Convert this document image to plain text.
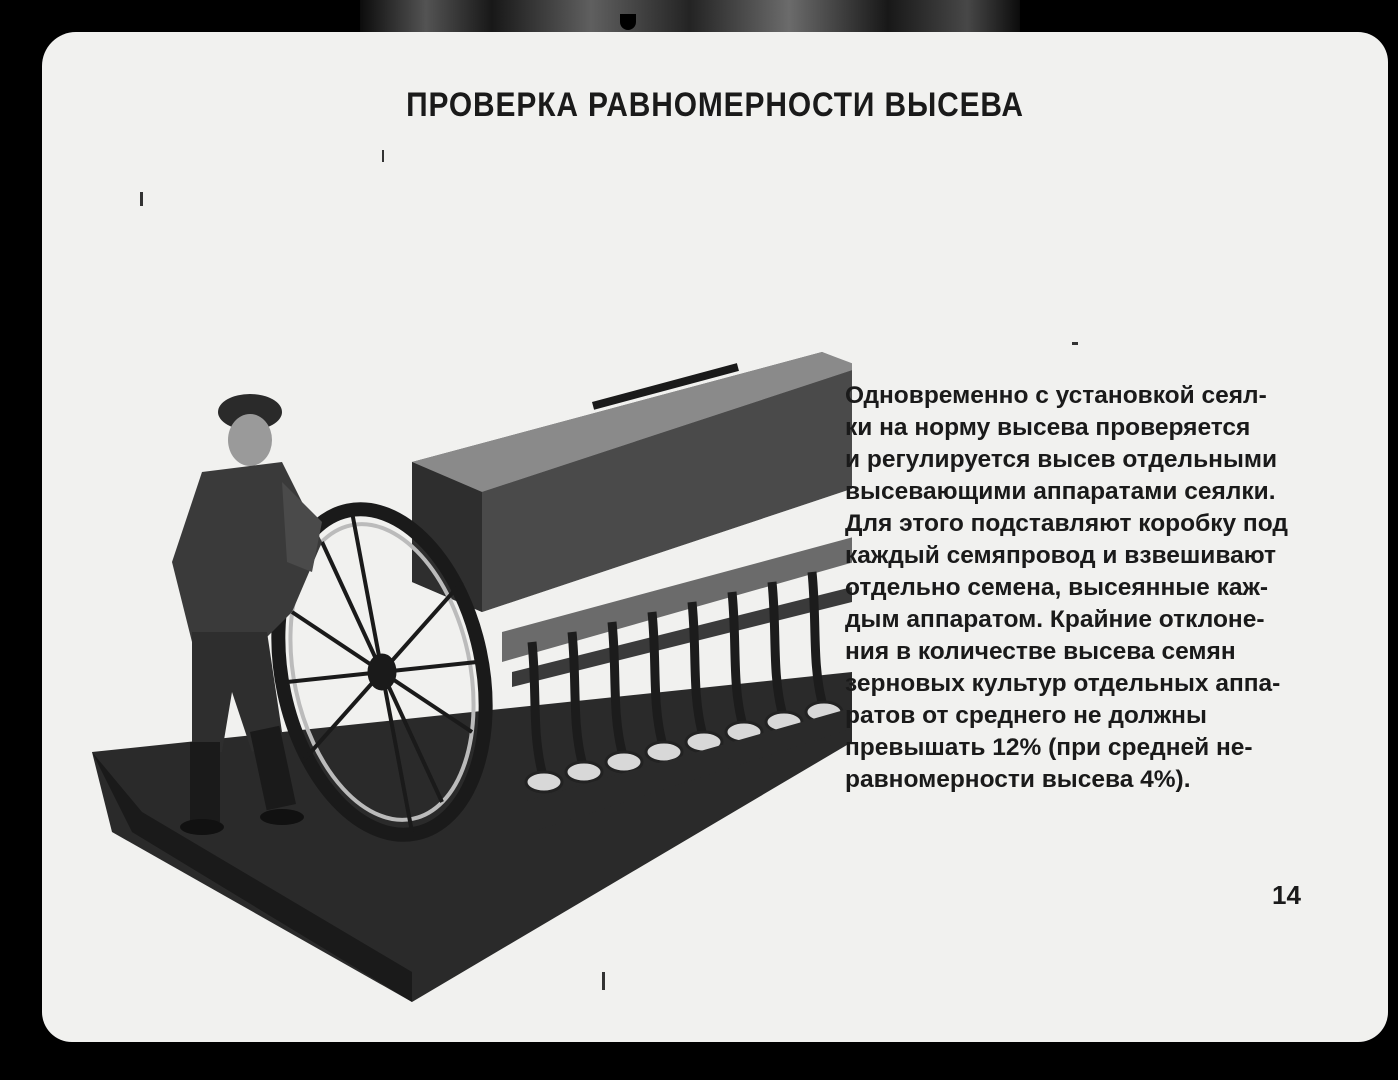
ПРОВЕРКА РАВНОМЕРНОСТИ ВЫСЕВА
Одновременно с установкой сеял-
ки на норму высева проверяется
и регулируется высев отдельными
высевающими аппаратами сеялки.
Для этого подставляют коробку под
каждый семяпровод и взвешивают
отдельно семена, высеянные каж-
дым аппаратом. Крайние отклоне-
ния в количестве высева семян
зерновых культур отдельных аппа-
ратов от среднего не должны
превышать 12% (при средней не-
равномерности высева 4%).
14
